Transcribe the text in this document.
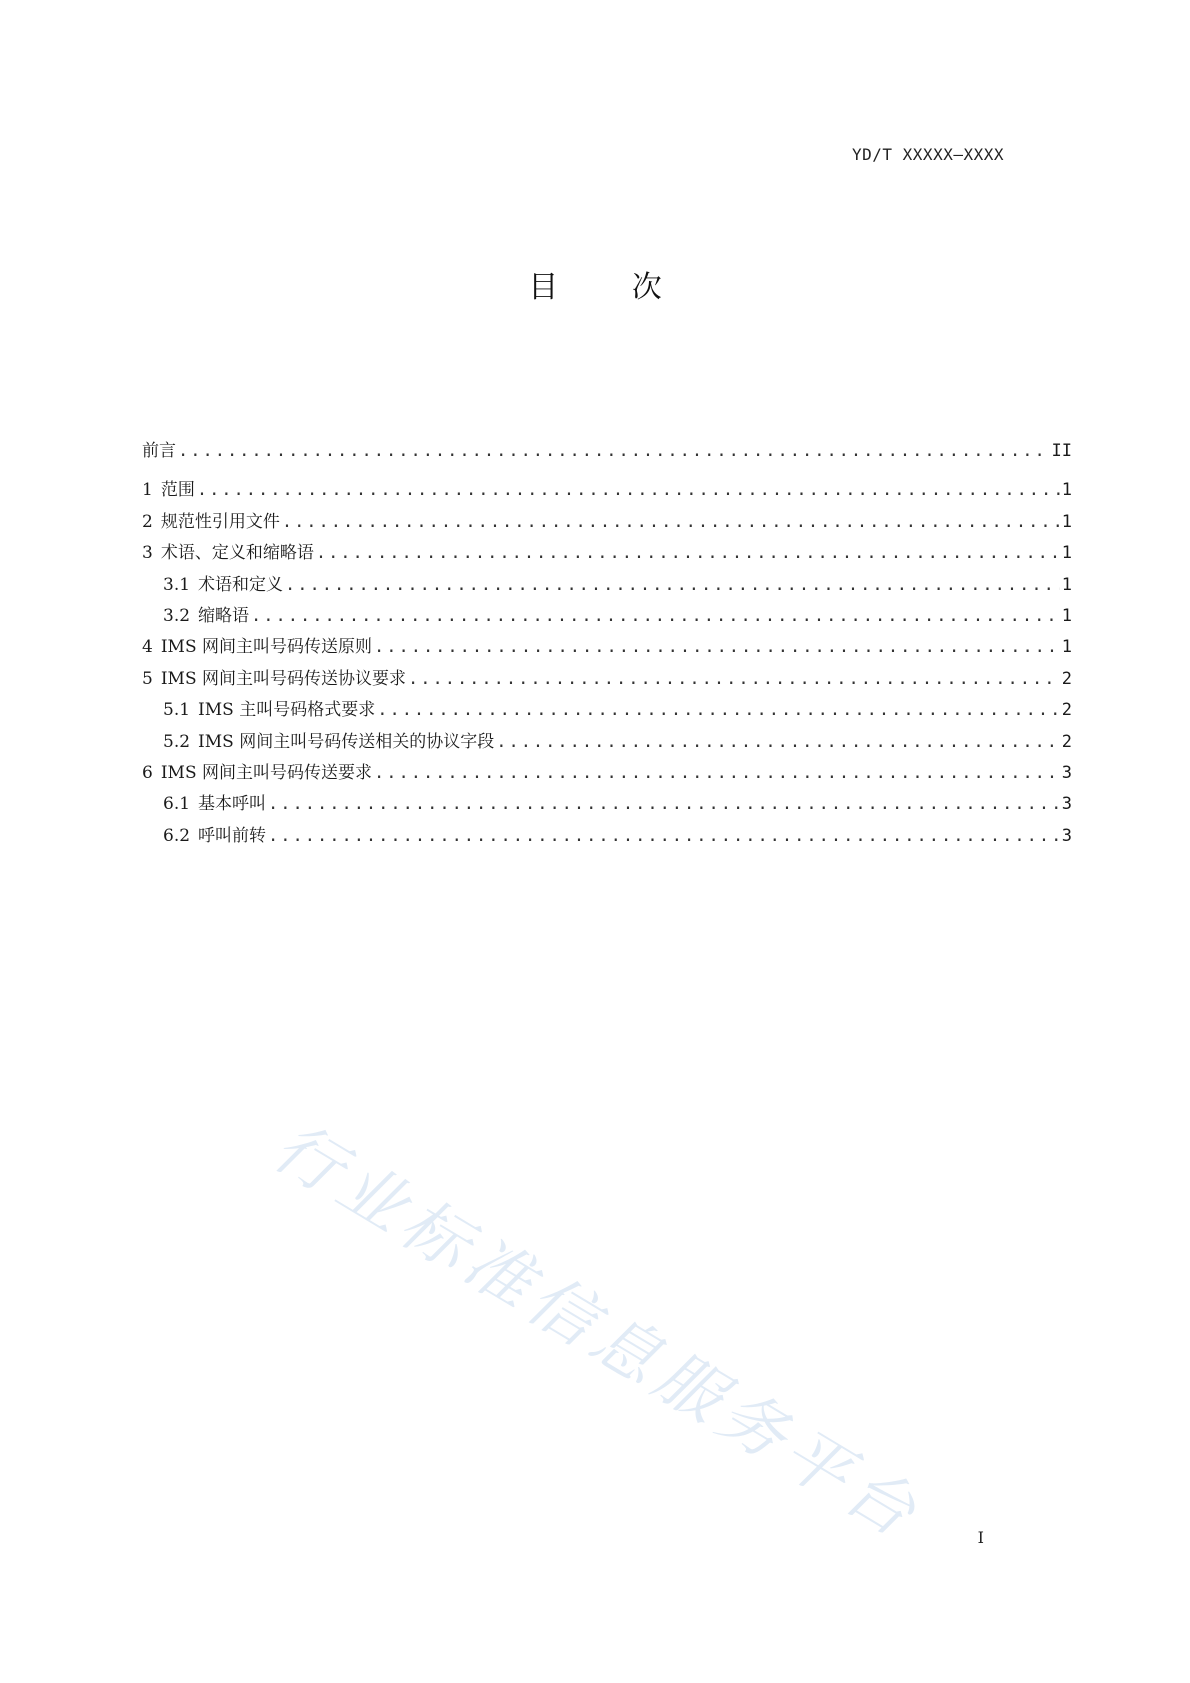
YD/T XXXXX—XXXX
目 次
前言 .....	II
1 范围 .....	1
2 规范性引用文件 .....	1
3 术语、定义和缩略语 .....	1
3.1 术语和定义 .....	1
3.2 缩略语 .....	1
4 IMS 网间主叫号码传送原则 .....	1
5 IMS 网间主叫号码传送协议要求 .....	2
5.1 IMS 主叫号码格式要求 .....	2
5.2 IMS 网间主叫号码传送相关的协议字段 .....	2
6 IMS 网间主叫号码传送要求 .....	3
6.1 基本呼叫 .....	3
6.2 呼叫前转 .....	3
行业标准信息服务平台	I
